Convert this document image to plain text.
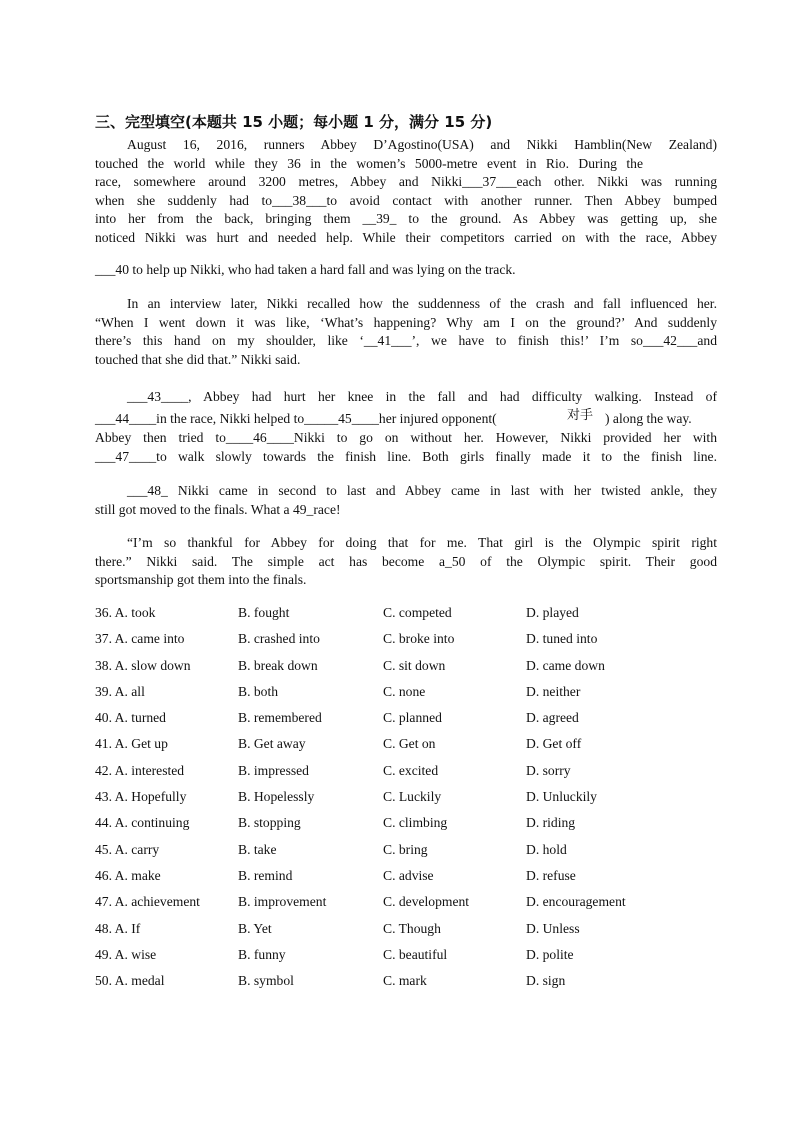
三、完型填空(本题共 15 小题；每小题 1 分，满分 15 分)
August 16, 2016, runners Abbey D’Agostino(USA) and Nikki Hamblin(New Zealand)
touched the world while they 36 in the women’s 5000-metre event in Rio. During the
race, somewhere around 3200 metres, Abbey and Nikki___37___each other. Nikki was running
when she suddenly had to___38___to avoid contact with another runner. Then Abbey bumped
into her from the back, bringing them __39_ to the ground. As Abbey was getting up, she
noticed Nikki was hurt and needed help. While their competitors carried on with the race, Abbey
___40 to help up Nikki, who had taken a hard fall and was lying on the track.
In an interview later, Nikki recalled how the suddenness of the crash and fall influenced her.
“When I went down it was like, ‘What’s happening? Why am I on the ground?’ And suddenly
there’s this hand on my shoulder, like ‘__41___’, we have to finish this!’ I’m so___42___and
touched that she did that.” Nikki said.
___43____, Abbey had hurt her knee in the fall and had difficulty walking. Instead of
___44____in the race, Nikki helped to_____45____her injured opponent(	对手 ) along the way.
Abbey then tried to____46____Nikki to go on without her. However, Nikki provided her with
___47____to walk slowly towards the finish line. Both girls finally made it to the finish line.
___48_ Nikki came in second to last and Abbey came in last with her twisted ankle, they
still got moved to the finals. What a 49_race!
“I’m so thankful for Abbey for doing that for me. That girl is the Olympic spirit right
there.” Nikki said. The simple act has become a_50 of the Olympic spirit. Their good
sportsmanship got them into the finals.
36. A. took	B. fought	C. competed	D. played
37. A. came into	B. crashed into	C. broke into	D. tuned into
38. A. slow down	B. break down	C. sit down	D. came down
39. A. all	B. both	C. none	D. neither
40. A. turned	B. remembered	C. planned	D. agreed
41. A. Get up	B. Get away	C. Get on	D. Get off
42. A. interested	B. impressed	C. excited	D. sorry
43. A. Hopefully	B. Hopelessly	C. Luckily	D. Unluckily
44. A. continuing	B. stopping	C. climbing	D. riding
45. A. carry	B. take	C. bring	D. hold
46. A. make	B. remind	C. advise	D. refuse
47. A. achievement	B. improvement	C. development	D. encouragement
48. A. If	B. Yet	C. Though	D. Unless
49. A. wise	B. funny	C. beautiful	D. polite
50. A. medal	B. symbol	C. mark	D. sign
